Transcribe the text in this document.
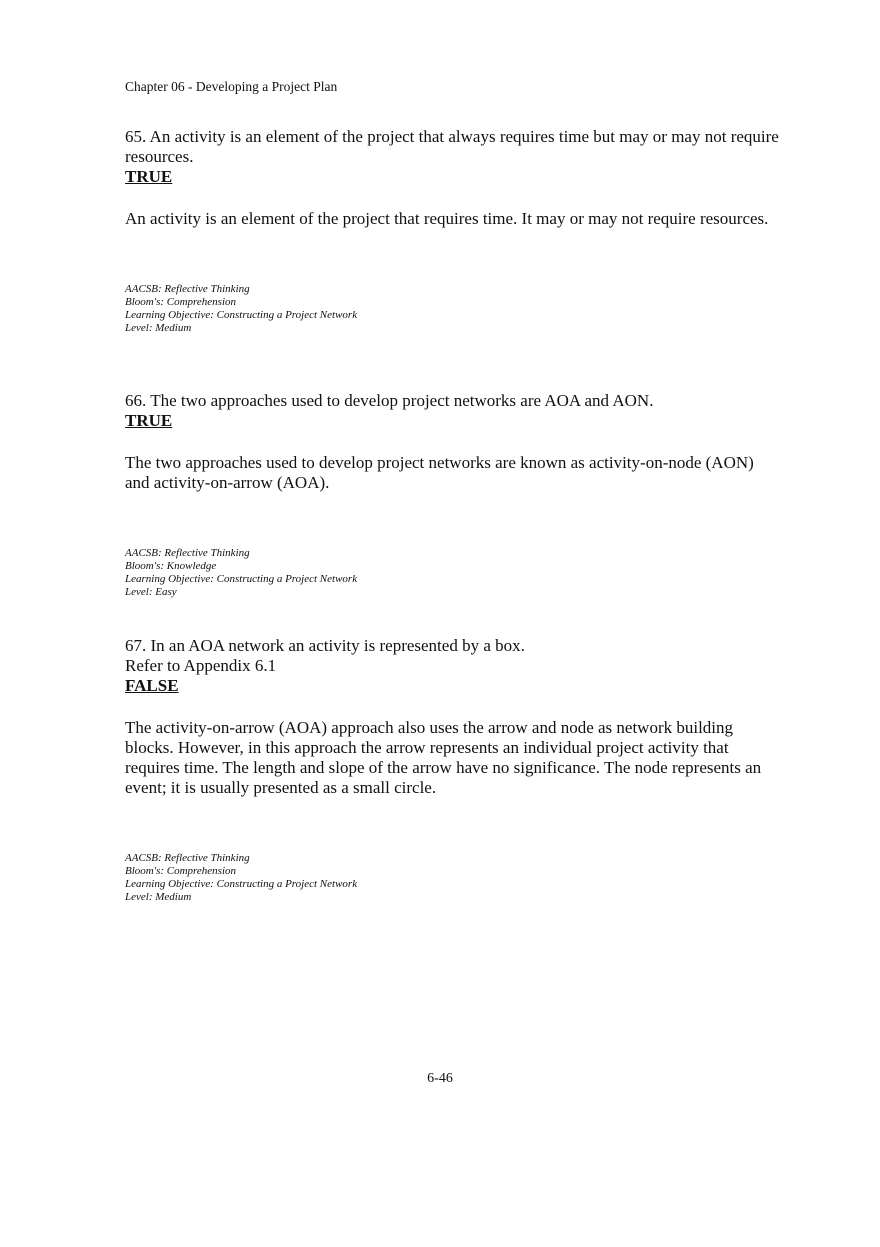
Chapter 06 - Developing a Project Plan

65. An activity is an element of the project that always requires time but may or may not require resources.

TRUE

An activity is an element of the project that requires time. It may or may not require resources.

AACSB: Reflective Thinking
Bloom's: Comprehension
Learning Objective: Constructing a Project Network
Level: Medium

66. The two approaches used to develop project networks are AOA and AON.

TRUE

The two approaches used to develop project networks are known as activity-on-node (AON) and activity-on-arrow (AOA).

AACSB: Reflective Thinking
Bloom's: Knowledge
Learning Objective: Constructing a Project Network
Level: Easy

67. In an AOA network an activity is represented by a box.

Refer to Appendix 6.1

FALSE

The activity-on-arrow (AOA) approach also uses the arrow and node as network building blocks. However, in this approach the arrow represents an individual project activity that requires time. The length and slope of the arrow have no significance. The node represents an event; it is usually presented as a small circle.

AACSB: Reflective Thinking
Bloom's: Comprehension
Learning Objective: Constructing a Project Network
Level: Medium
6-46
